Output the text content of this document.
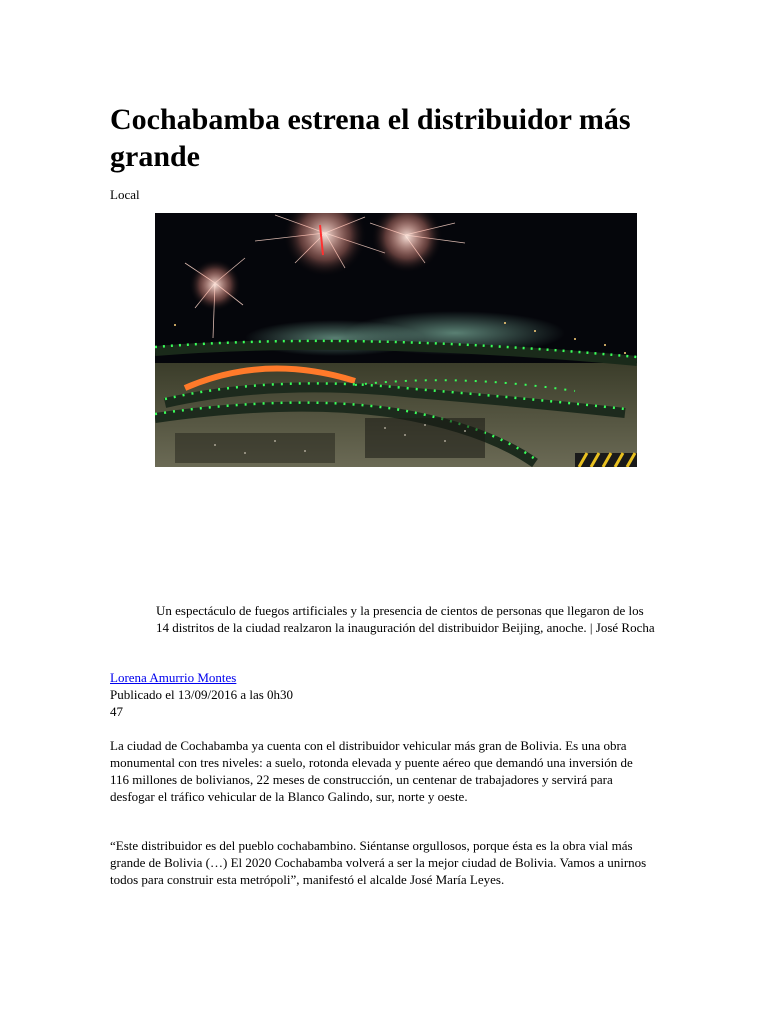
Cochabamba estrena el distribuidor más grande
Local
Un espectáculo de fuegos artificiales y la presencia de cientos de personas que llegaron de los 14 distritos de la ciudad realzaron la inauguración del distribuidor Beijing, anoche. | José Rocha
Lorena Amurrio Montes
Publicado el 13/09/2016 a las 0h30
47

La ciudad de Cochabamba ya cuenta con el distribuidor vehicular más gran de Bolivia. Es una obra monumental con tres niveles: a suelo, rotonda elevada y puente aéreo que demandó una inversión de 116 millones de bolivianos, 22 meses de construcción, un centenar de trabajadores y servirá para desfogar el tráfico vehicular de la Blanco Galindo, sur, norte y oeste.

“Este distribuidor es del pueblo cochabambino. Siéntanse orgullosos, porque ésta es la obra vial más grande de Bolivia (…) El 2020 Cochabamba volverá a ser la mejor ciudad de Bolivia. Vamos a unirnos todos para construir esta metrópoli”, manifestó el alcalde José María Leyes.
